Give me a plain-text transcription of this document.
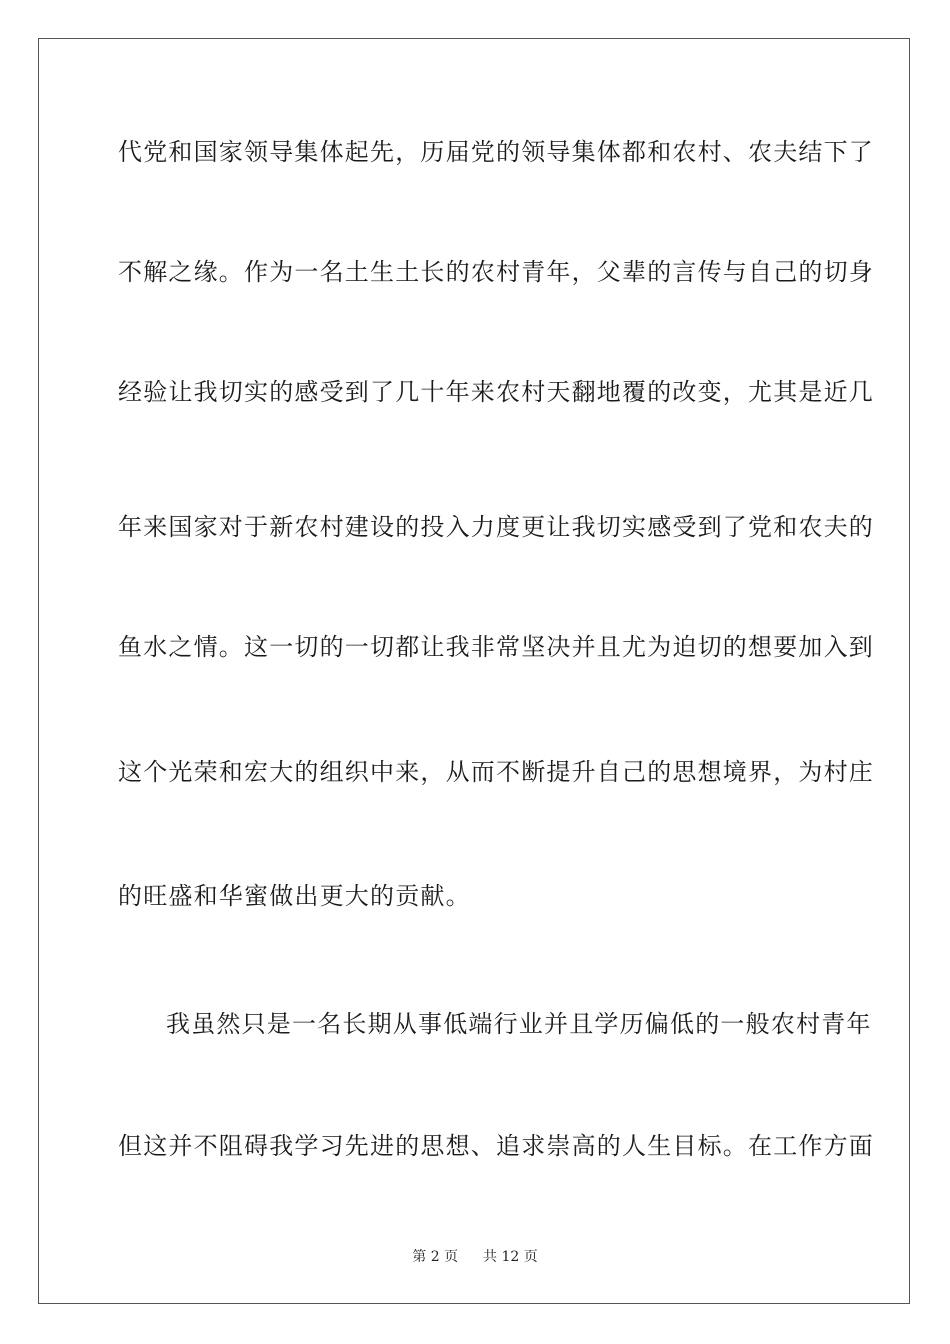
代党和国家领导集体起先，历届党的领导集体都和农村、农夫结下了
不解之缘。作为一名土生土长的农村青年，父辈的言传与自己的切身
经验让我切实的感受到了几十年来农村天翻地覆的改变，尤其是近几
年来国家对于新农村建设的投入力度更让我切实感受到了党和农夫的
鱼水之情。这一切的一切都让我非常坚决并且尤为迫切的想要加入到
这个光荣和宏大的组织中来，从而不断提升自己的思想境界，为村庄
的旺盛和华蜜做出更大的贡献。
我虽然只是一名长期从事低端行业并且学历偏低的一般农村青年
但这并不阻碍我学习先进的思想、追求崇高的人生目标。在工作方面
第 2 页 共 12 页
